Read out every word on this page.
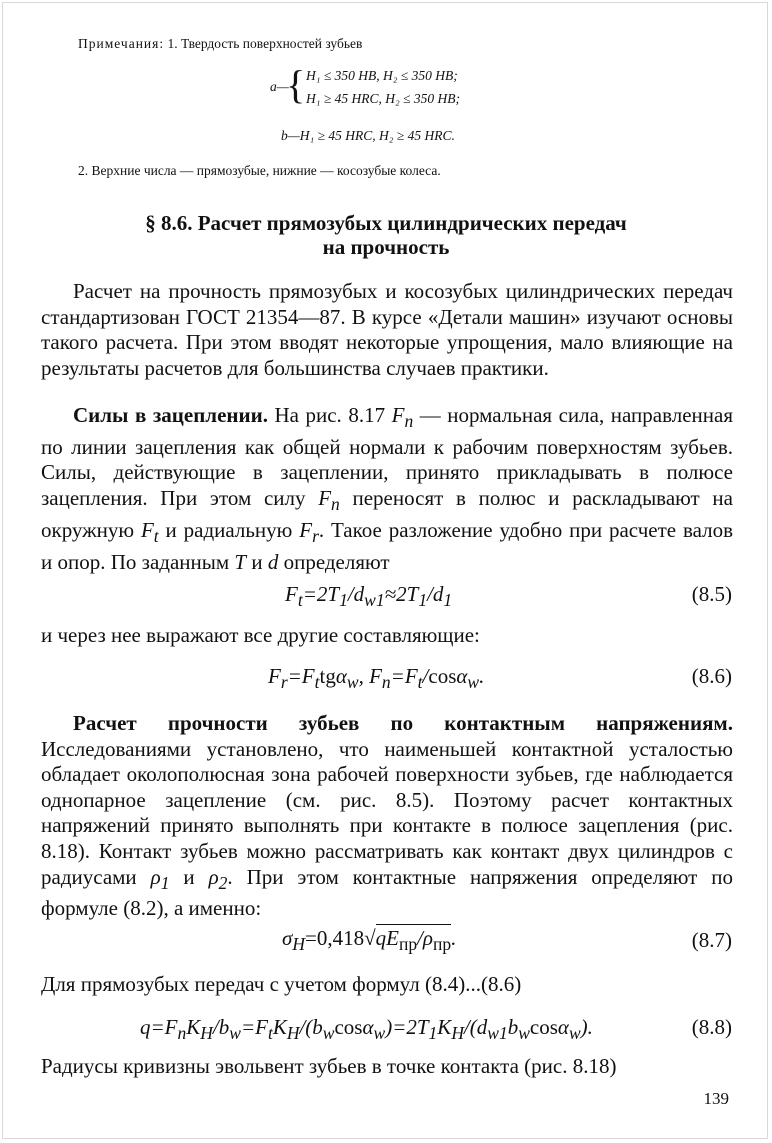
Примечания: 1. Твердость поверхностей зубьев
a—
{ H₁ ≤ 350 HB, H₂ ≤ 350 HB;
H₁ ≥ 45 HRC, H₂ ≤ 350 HB;
b—H₁ ≥ 45 HRC, H₂ ≥ 45 HRC.
2. Верхние числа — прямозубые, нижние — косозубые колеса.
§ 8.6. Расчет прямозубых цилиндрических передач
на прочность
Расчет на прочность прямозубых и косозубых цилиндрических передач стандартизован ГОСТ 21354—87. В курсе «Детали машин» изучают основы такого расчета. При этом вводят некоторые упрощения, мало влияющие на результаты расчетов для большинства случаев практики.
Силы в зацеплении. На рис. 8.17 $F_n$ — нормальная сила, направленная по линии зацепления как общей нормали к рабочим поверхностям зубьев. Силы, действующие в зацеплении, принято прикладывать в полюсе зацепления. При этом силу $F_n$ переносят в полюс и раскладывают на окружную $F_t$ и радиальную $F_r$. Такое разложение удобно при расчете валов и опор. По заданным T и d определяют
$F_t=2T_1/d_{w1}\approx 2T_1/d_1$	(8.5)
и через нее выражают все другие составляющие:
$F_r=F_ttg\alpha_w$, $F_n=F_t/\cos\alpha_w$.	(8.6)
Расчет прочности зубьев по контактным напряжениям. Исследованиями установлено, что наименьшей контактной усталостью обладает околополюсная зона рабочей поверхности зубьев, где наблюдается однопарное зацепление (см. рис. 8.5). Поэтому расчет контактных напряжений принято выполнять при контакте в полюсе зацепления (рис. 8.18). Контакт зубьев можно рассматривать как контакт двух цилиндров с радиусами $\rho_1$ и $\rho_2$. При этом контактные напряжения определяют по формуле (8.2), а именно:
$\sigma_H=0,418√qE_{пр}/\rho_{пр}$.	(8.7)
Для прямозубых передач с учетом формул (8.4)...(8.6)
$q=F_nK_H/b_w=F_tK_H/(b_w\cos\alpha_w)=2T_1K_H/(d_{w1}b_w\cos\alpha_w)$.	(8.8)
Радиусы кривизны эвольвент зубьев в точке контакта (рис. 8.18)
139
